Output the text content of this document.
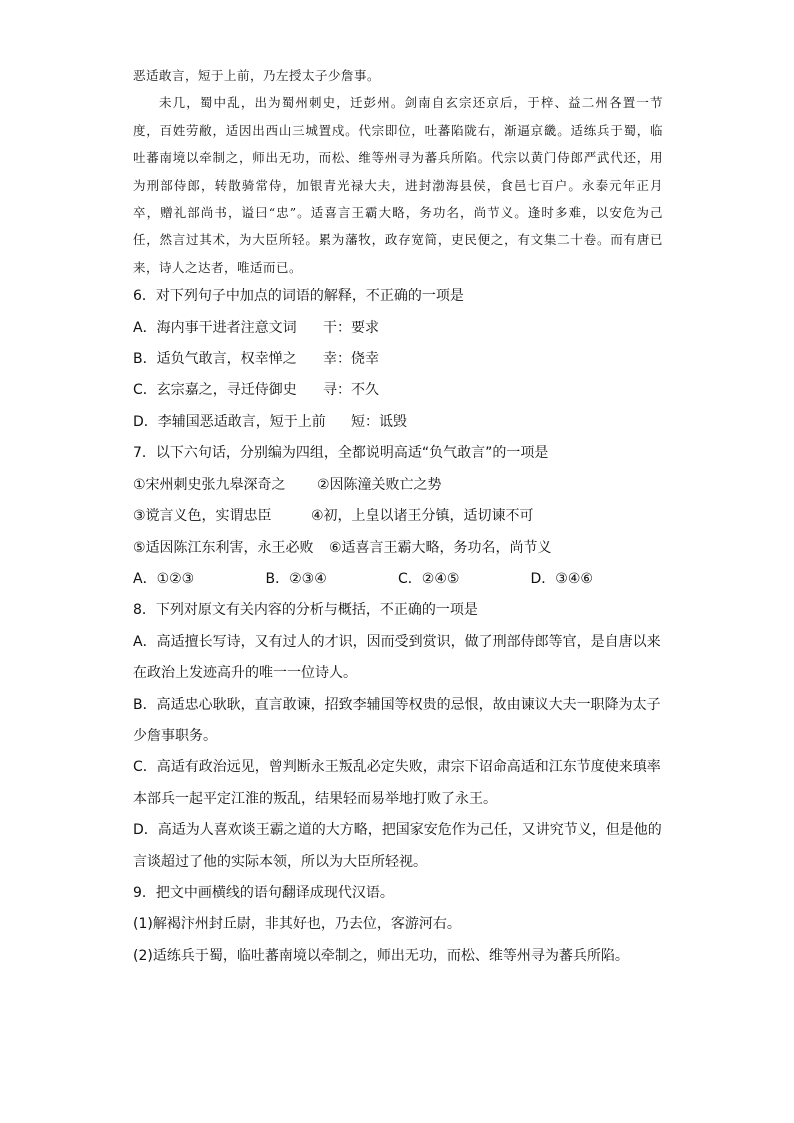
恶适敢言，短于上前，乃左授太子少詹事。

未几，蜀中乱，出为蜀州刺史，迁彭州。剑南自玄宗还京后，于梓、益二州各置一节度，百姓劳敝，适因出西山三城置戍。代宗即位，吐蕃陷陇右，渐逼京畿。适练兵于蜀，临吐蕃南境以牵制之，师出无功，而松、维等州寻为蕃兵所陷。代宗以黄门侍郎严武代还，用为刑部侍郎，转散骑常侍，加银青光禄大夫，进封渤海县侯，食邑七百户。永泰元年正月卒，赠礼部尚书，谥曰“忠”。适喜言王霸大略，务功名，尚节义。逢时多难，以安危为己任，然言过其术，为大臣所轻。累为藩牧，政存宽简，吏民便之，有文集二十卷。而有唐已来，诗人之达者，唯适而已。

6．对下列句子中加点的词语的解释，不正确的一项是
A．海内事干进者注意文词 干：要求
B．适负气敢言，权幸惮之 幸：侥幸
C．玄宗嘉之，寻迁侍御史 寻：不久
D．李辅国恶适敢言，短于上前 短：诋毁
7．以下六句话，分别编为四组，全都说明高适“负气敢言”的一项是
①宋州刺史张九皋深奇之 ②因陈潼关败亡之势
③谠言义色，实谓忠臣	④初，上皇以诸王分镇，适切谏不可
⑤适因陈江东利害，永王必败 ⑥适喜言王霸大略，务功名，尚节义
A．①②③	B．②③④	C．②④⑤	D．③④⑥
8．下列对原文有关内容的分析与概括，不正确的一项是
A．高适擅长写诗，又有过人的才识，因而受到赏识，做了刑部侍郎等官，是自唐以来在政治上发迹高升的唯一一位诗人。
B．高适忠心耿耿，直言敢谏，招致李辅国等权贵的忌恨，故由谏议大夫一职降为太子少詹事职务。
C．高适有政治远见，曾判断永王叛乱必定失败，肃宗下诏命高适和江东节度使来瑱率本部兵一起平定江淮的叛乱，结果轻而易举地打败了永王。
D．高适为人喜欢谈王霸之道的大方略，把国家安危作为己任，又讲究节义，但是他的言谈超过了他的实际本领，所以为大臣所轻视。
9．把文中画横线的语句翻译成现代汉语。
(1)解褐汴州封丘尉，非其好也，乃去位，客游河右。
(2)适练兵于蜀，临吐蕃南境以牵制之，师出无功，而松、维等州寻为蕃兵所陷。
